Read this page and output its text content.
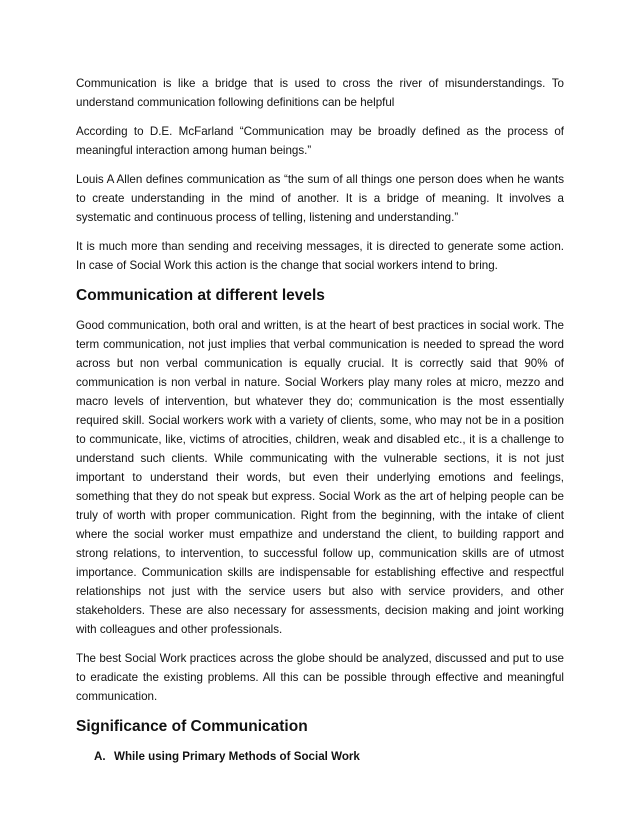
Communication is like a bridge that is used to cross the river of misunderstandings. To understand communication following definitions can be helpful

According to D.E. McFarland “Communication may be broadly defined as the process of meaningful interaction among human beings.”

Louis A Allen defines communication as “the sum of all things one person does when he wants to create understanding in the mind of another. It is a bridge of meaning. It involves a systematic and continuous process of telling, listening and understanding.”

It is much more than sending and receiving messages, it is directed to generate some action. In case of Social Work this action is the change that social workers intend to bring.

Communication at different levels

Good communication, both oral and written, is at the heart of best practices in social work. The term communication, not just implies that verbal communication is needed to spread the word across but non verbal communication is equally crucial. It is correctly said that 90% of communication is non verbal in nature. Social Workers play many roles at micro, mezzo and macro levels of intervention, but whatever they do; communication is the most essentially required skill. Social workers work with a variety of clients, some, who may not be in a position to communicate, like, victims of atrocities, children, weak and disabled etc., it is a challenge to understand such clients. While communicating with the vulnerable sections, it is not just important to understand their words, but even their underlying emotions and feelings, something that they do not speak but express. Social Work as the art of helping people can be truly of worth with proper communication. Right from the beginning, with the intake of client where the social worker must empathize and understand the client, to building rapport and strong relations, to intervention, to successful follow up, communication skills are of utmost importance. Communication skills are indispensable for establishing effective and respectful relationships not just with the service users but also with service providers, and other stakeholders. These are also necessary for assessments, decision making and joint working with colleagues and other professionals.

The best Social Work practices across the globe should be analyzed, discussed and put to use to eradicate the existing problems. All this can be possible through effective and meaningful communication.

Significance of Communication
A. While using Primary Methods of Social Work
